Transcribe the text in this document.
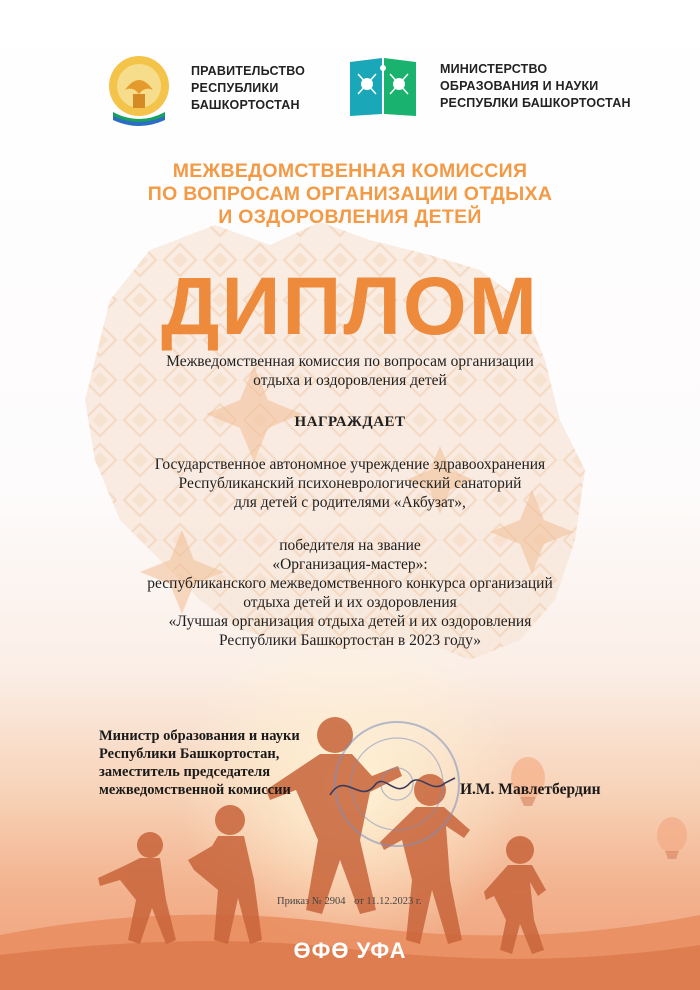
ПРАВИТЕЛЬСТВО
РЕСПУБЛИКИ
БАШКОРТОСТАН
МИНИСТЕРСТВО
ОБРАЗОВАНИЯ И НАУКИ
РЕСПУБЛКИ БАШКОРТОСТАН
МЕЖВЕДОМСТВЕННАЯ КОМИССИЯ
ПО ВОПРОСАМ ОРГАНИЗАЦИИ ОТДЫХА
И ОЗДОРОВЛЕНИЯ ДЕТЕЙ
ДИПЛОМ
Межведомственная комиссия по вопросам организации
отдыха и оздоровления детей
НАГРАЖДАЕТ
Государственное автономное учреждение здравоохранения
Республиканский психоневрологический санаторий
для детей с родителями «Акбузат»,
победителя на звание
«Организация-мастер»:
республиканского межведомственного конкурса организаций
отдыха детей и их оздоровления
«Лучшая организация отдыха детей и их оздоровления
Республики Башкортостан в 2023 году»
Министр образования и науки
Республики Башкортостан,
заместитель председателя
межведомственной комиссии	И.М. Мавлетбердин
Приказ № 2904 от 11.12.2023 г.
ӨФӨ УФА
